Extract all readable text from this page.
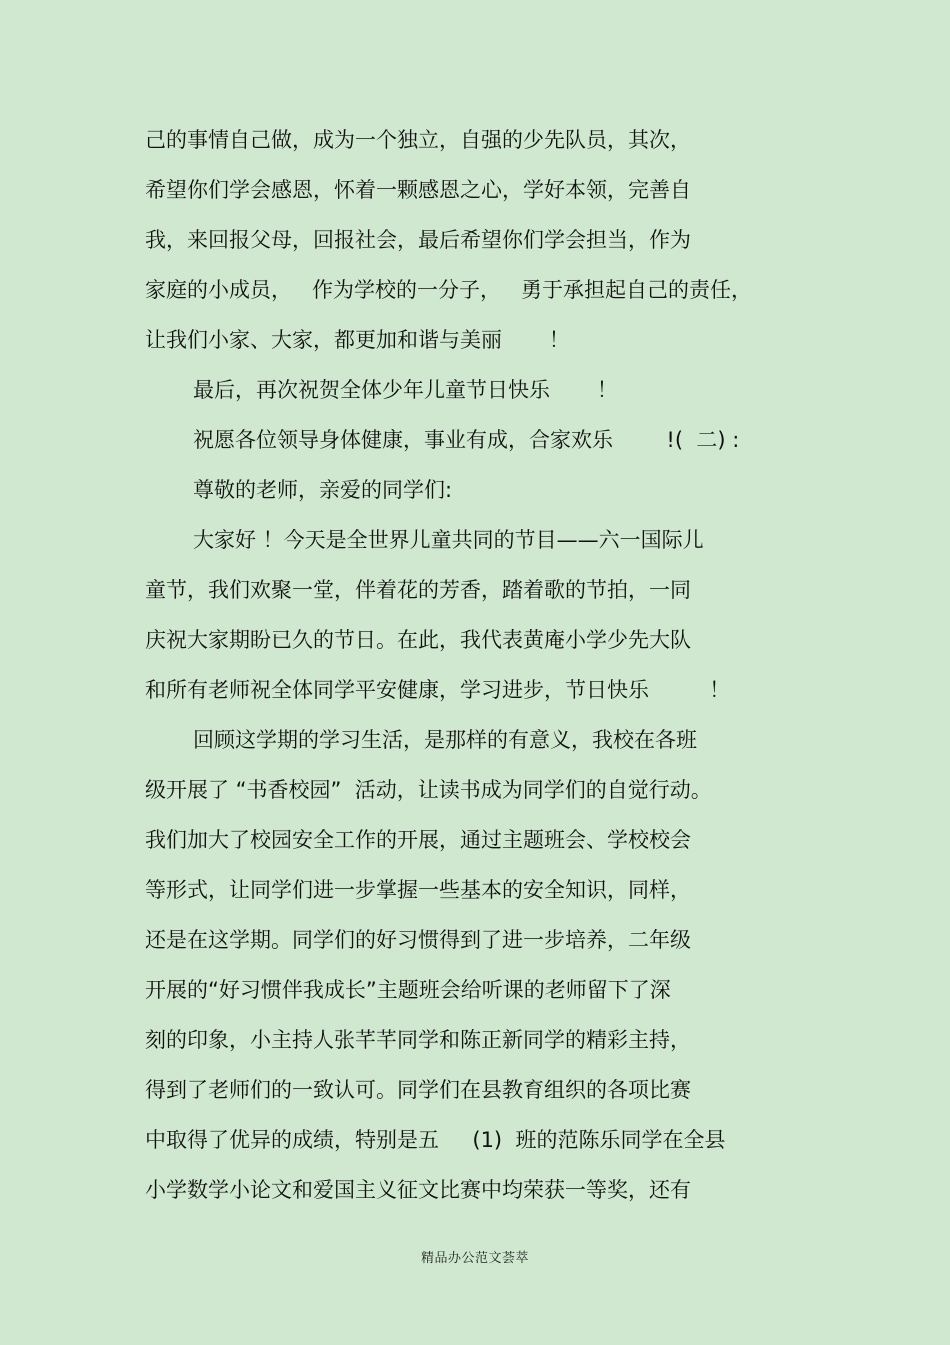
己的事情自己做，成为一个独立，自强的少先队员，其次，
希望你们学会感恩，怀着一颗感恩之心，学好本领，完善自
我，来回报父母，回报社会，最后希望你们学会担当，作为
家庭的小成员，   作为学校的一分子，   勇于承担起自己的责任，
让我们小家、大家，都更加和谐与美丽       ！
最后，再次祝贺全体少年儿童节日快乐       ！
祝愿各位领导身体健康，事业有成，合家欢乐        !(  二) :
尊敬的老师，亲爱的同学们:
大家好 ！今天是全世界儿童共同的节目——六一国际儿
童节，我们欢聚一堂，伴着花的芳香，踏着歌的节拍，一同
庆祝大家期盼已久的节日。在此，我代表黄庵小学少先大队
和所有老师祝全体同学平安健康，学习进步，节日快乐         ！
回顾这学期的学习生活，是那样的有意义，我校在各班
级开展了 “书香校园”  活动，让读书成为同学们的自觉行动。
我们加大了校园安全工作的开展，通过主题班会、学校校会
等形式，让同学们进一步掌握一些基本的安全知识，同样，
还是在这学期。同学们的好习惯得到了进一步培养，二年级
开展的“好习惯伴我成长”主题班会给听课的老师留下了深
刻的印象，小主持人张芊芊同学和陈正新同学的精彩主持，
得到了老师们的一致认可。同学们在县教育组织的各项比赛
中取得了优异的成绩，特别是五     (1)  班的范陈乐同学在全县
小学数学小论文和爱国主义征文比赛中均荣获一等奖，还有
精品办公范文荟萃
